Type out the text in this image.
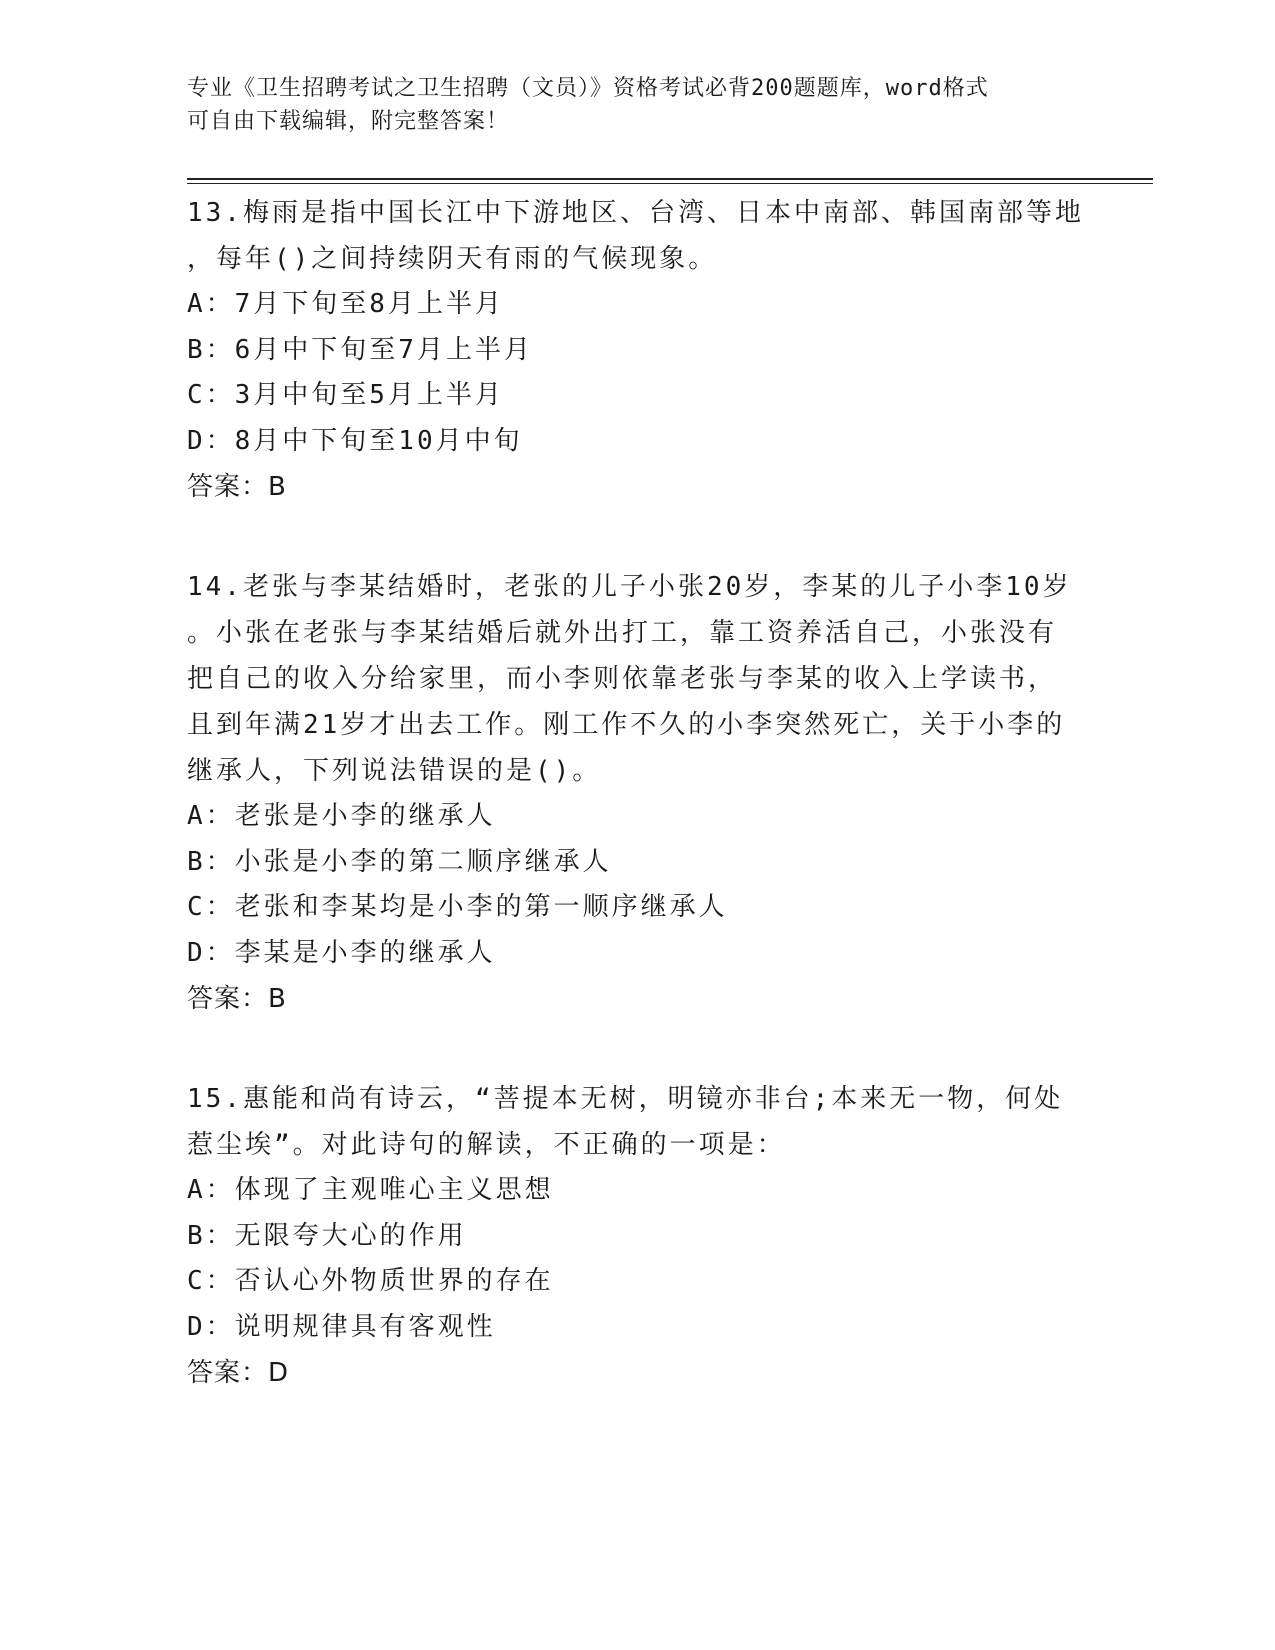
专业《卫生招聘考试之卫生招聘（文员）》资格考试必背200题题库，word格式
可自由下载编辑，附完整答案！

13.梅雨是指中国长江中下游地区、台湾、日本中南部、韩国南部等地

，每年()之间持续阴天有雨的气候现象。

A：7月下旬至8月上半月

B：6月中下旬至7月上半月

C：3月中旬至5月上半月

D：8月中下旬至10月中旬

答案：B

14.老张与李某结婚时，老张的儿子小张20岁，李某的儿子小李10岁

。小张在老张与李某结婚后就外出打工，靠工资养活自己，小张没有

把自己的收入分给家里，而小李则依靠老张与李某的收入上学读书，

且到年满21岁才出去工作。刚工作不久的小李突然死亡，关于小李的

继承人，下列说法错误的是()。

A：老张是小李的继承人

B：小张是小李的第二顺序继承人

C：老张和李某均是小李的第一顺序继承人

D：李某是小李的继承人

答案：B

15.惠能和尚有诗云，“菩提本无树，明镜亦非台;本来无一物，何处

惹尘埃”。对此诗句的解读，不正确的一项是：

A：体现了主观唯心主义思想

B：无限夸大心的作用

C：否认心外物质世界的存在

D：说明规律具有客观性

答案：D
